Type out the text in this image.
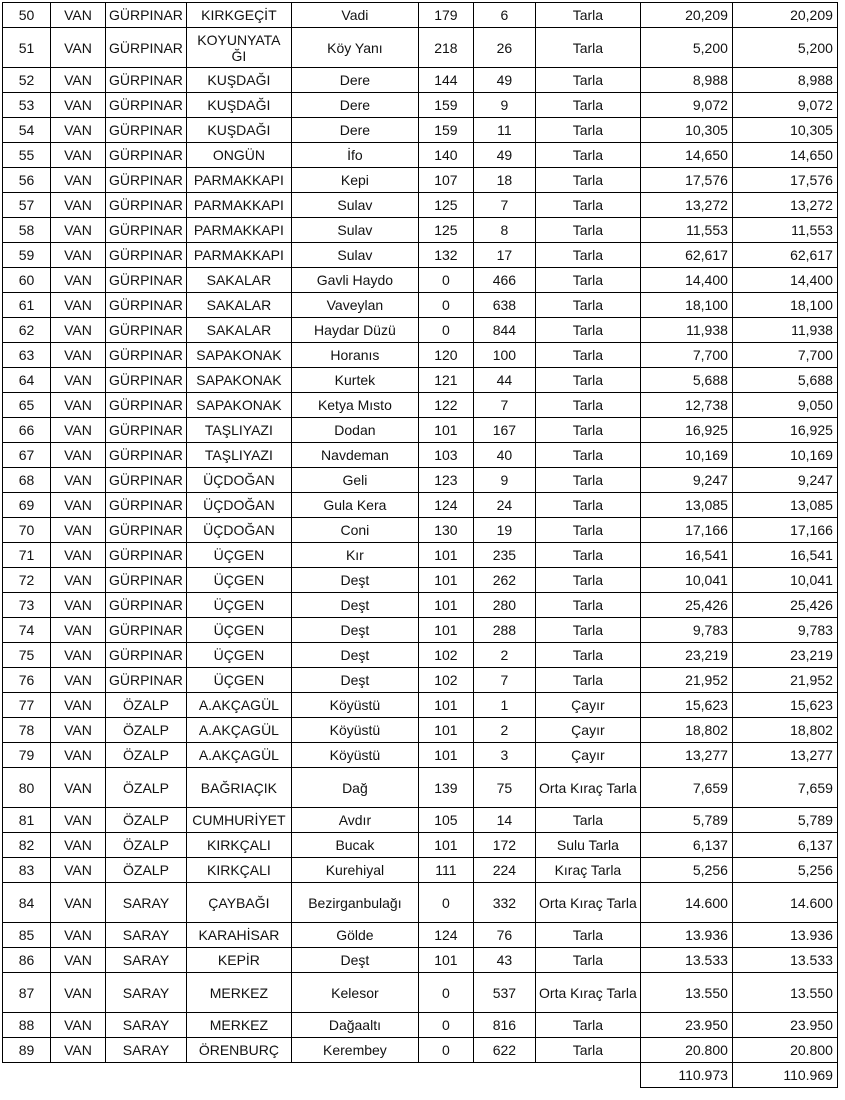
50	VAN	GÜRPINAR	KIRKGEÇİT	Vadi	179	6	Tarla	20,209	20,209
51	VAN	GÜRPINAR	KOYUNYATA ĞI	Köy Yanı	218	26	Tarla	5,200	5,200
52	VAN	GÜRPINAR	KUŞDAĞI	Dere	144	49	Tarla	8,988	8,988
53	VAN	GÜRPINAR	KUŞDAĞI	Dere	159	9	Tarla	9,072	9,072
54	VAN	GÜRPINAR	KUŞDAĞI	Dere	159	11	Tarla	10,305	10,305
55	VAN	GÜRPINAR	ONGÜN	İfo	140	49	Tarla	14,650	14,650
56	VAN	GÜRPINAR	PARMAKKAPI	Kepi	107	18	Tarla	17,576	17,576
57	VAN	GÜRPINAR	PARMAKKAPI	Sulav	125	7	Tarla	13,272	13,272
58	VAN	GÜRPINAR	PARMAKKAPI	Sulav	125	8	Tarla	11,553	11,553
59	VAN	GÜRPINAR	PARMAKKAPI	Sulav	132	17	Tarla	62,617	62,617
60	VAN	GÜRPINAR	SAKALAR	Gavli Haydo	0	466	Tarla	14,400	14,400
61	VAN	GÜRPINAR	SAKALAR	Vaveylan	0	638	Tarla	18,100	18,100
62	VAN	GÜRPINAR	SAKALAR	Haydar Düzü	0	844	Tarla	11,938	11,938
63	VAN	GÜRPINAR	SAPAKONAK	Horanıs	120	100	Tarla	7,700	7,700
64	VAN	GÜRPINAR	SAPAKONAK	Kurtek	121	44	Tarla	5,688	5,688
65	VAN	GÜRPINAR	SAPAKONAK	Ketya Mısto	122	7	Tarla	12,738	9,050
66	VAN	GÜRPINAR	TAŞLIYAZI	Dodan	101	167	Tarla	16,925	16,925
67	VAN	GÜRPINAR	TAŞLIYAZI	Navdeman	103	40	Tarla	10,169	10,169
68	VAN	GÜRPINAR	ÜÇDOĞAN	Geli	123	9	Tarla	9,247	9,247
69	VAN	GÜRPINAR	ÜÇDOĞAN	Gula Kera	124	24	Tarla	13,085	13,085
70	VAN	GÜRPINAR	ÜÇDOĞAN	Coni	130	19	Tarla	17,166	17,166
71	VAN	GÜRPINAR	ÜÇGEN	Kır	101	235	Tarla	16,541	16,541
72	VAN	GÜRPINAR	ÜÇGEN	Deşt	101	262	Tarla	10,041	10,041
73	VAN	GÜRPINAR	ÜÇGEN	Deşt	101	280	Tarla	25,426	25,426
74	VAN	GÜRPINAR	ÜÇGEN	Deşt	101	288	Tarla	9,783	9,783
75	VAN	GÜRPINAR	ÜÇGEN	Deşt	102	2	Tarla	23,219	23,219
76	VAN	GÜRPINAR	ÜÇGEN	Deşt	102	7	Tarla	21,952	21,952
77	VAN	ÖZALP	A.AKÇAGÜL	Köyüstü	101	1	Çayır	15,623	15,623
78	VAN	ÖZALP	A.AKÇAGÜL	Köyüstü	101	2	Çayır	18,802	18,802
79	VAN	ÖZALP	A.AKÇAGÜL	Köyüstü	101	3	Çayır	13,277	13,277
80	VAN	ÖZALP	BAĞRIAÇIK	Dağ	139	75	Orta Kıraç Tarla	7,659	7,659
81	VAN	ÖZALP	CUMHURİYET	Avdır	105	14	Tarla	5,789	5,789
82	VAN	ÖZALP	KIRKÇALI	Bucak	101	172	Sulu Tarla	6,137	6,137
83	VAN	ÖZALP	KIRKÇALI	Kurehiyal	111	224	Kıraç Tarla	5,256	5,256
84	VAN	SARAY	ÇAYBAĞI	Bezirganbulağı	0	332	Orta Kıraç Tarla	14.600	14.600
85	VAN	SARAY	KARAHİSAR	Gölde	124	76	Tarla	13.936	13.936
86	VAN	SARAY	KEPİR	Deşt	101	43	Tarla	13.533	13.533
87	VAN	SARAY	MERKEZ	Kelesor	0	537	Orta Kıraç Tarla	13.550	13.550
88	VAN	SARAY	MERKEZ	Dağaaltı	0	816	Tarla	23.950	23.950
89	VAN	SARAY	ÖRENBURÇ	Kerembey	0	622	Tarla	20.800	20.800
								110.973	110.969
